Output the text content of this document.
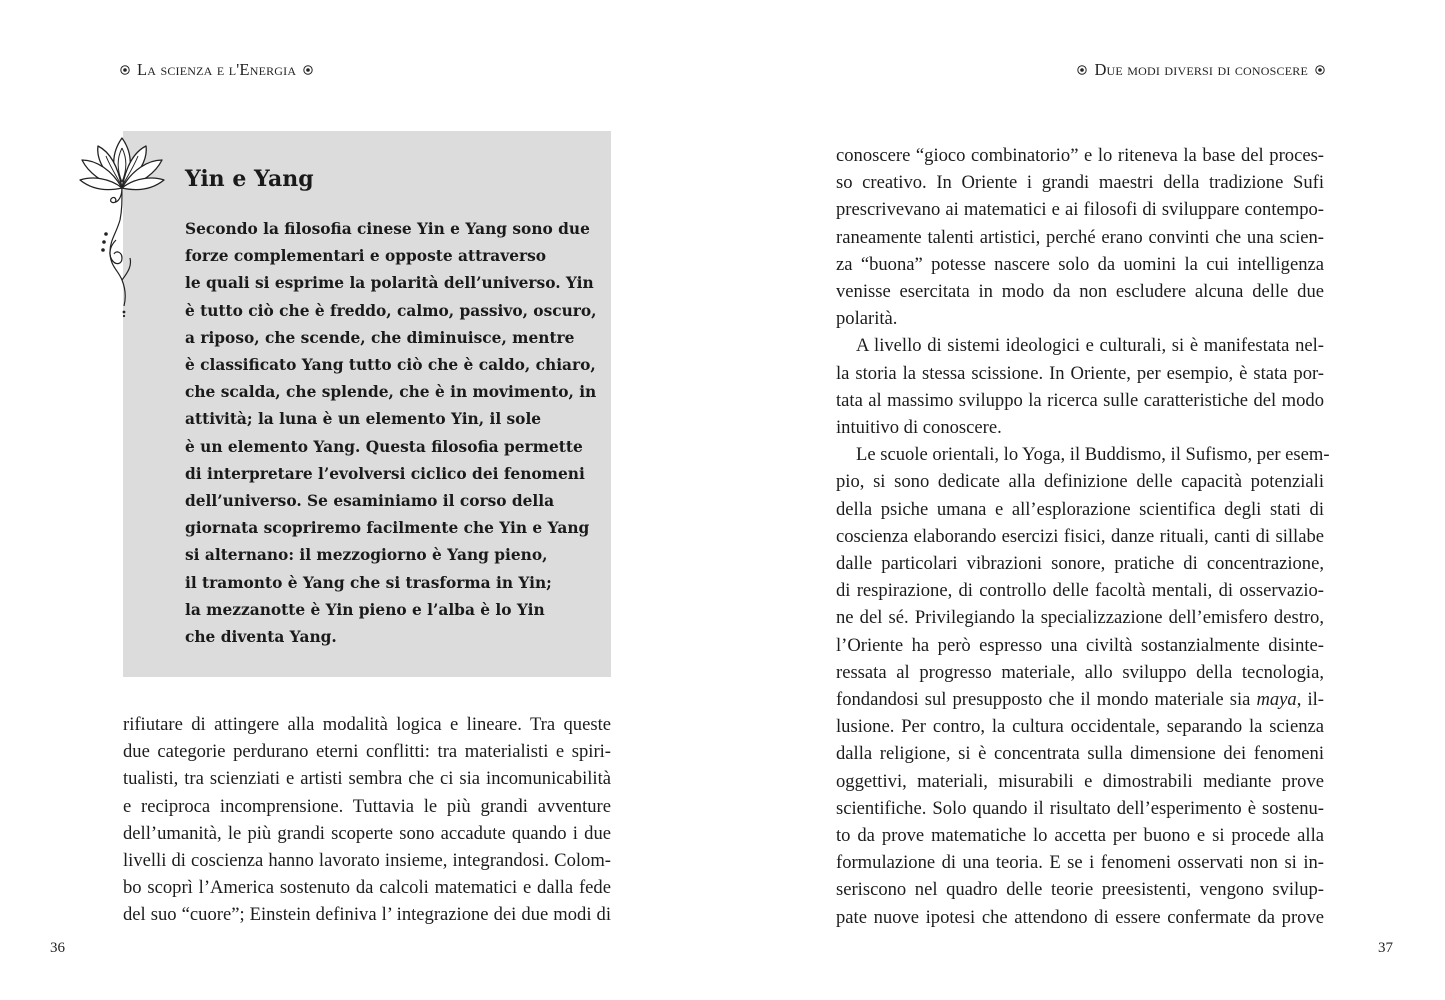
La scienza e l'Energia	Due modi diversi di conoscere
Yin e Yang

Secondo la filosofia cinese Yin e Yang sono due
forze complementari e opposte attraverso
le quali si esprime la polarità dell’universo. Yin
è tutto ciò che è freddo, calmo, passivo, oscuro,
a riposo, che scende, che diminuisce, mentre
è classificato Yang tutto ciò che è caldo, chiaro,
che scalda, che splende, che è in movimento, in
attività; la luna è un elemento Yin, il sole
è un elemento Yang. Questa filosofia permette
di interpretare l’evolversi ciclico dei fenomeni
dell’universo. Se esaminiamo il corso della
giornata scopriremo facilmente che Yin e Yang
si alternano: il mezzogiorno è Yang pieno,
il tramonto è Yang che si trasforma in Yin;
la mezzanotte è Yin pieno e l’alba è lo Yin
che diventa Yang.

rifiutare di attingere alla modalità logica e lineare. Tra queste
due categorie perdurano eterni conflitti: tra materialisti e spiri-
tualisti, tra scienziati e artisti sembra che ci sia incomunicabilità
e reciproca incomprensione. Tuttavia le più grandi avventure
dell’umanità, le più grandi scoperte sono accadute quando i due
livelli di coscienza hanno lavorato insieme, integrandosi. Colom-
bo scoprì l’America sostenuto da calcoli matematici e dalla fede
del suo “cuore”; Einstein definiva l’ integrazione dei due modi di

conoscere “gioco combinatorio” e lo riteneva la base del proces-
so creativo. In Oriente i grandi maestri della tradizione Sufi
prescrivevano ai matematici e ai filosofi di sviluppare contempo-
raneamente talenti artistici, perché erano convinti che una scien-
za “buona” potesse nascere solo da uomini la cui intelligenza
venisse esercitata in modo da non escludere alcuna delle due
polarità.
A livello di sistemi ideologici e culturali, si è manifestata nel-
la storia la stessa scissione. In Oriente, per esempio, è stata por-
tata al massimo sviluppo la ricerca sulle caratteristiche del modo
intuitivo di conoscere.
Le scuole orientali, lo Yoga, il Buddismo, il Sufismo, per esem-
pio, si sono dedicate alla definizione delle capacità potenziali
della psiche umana e all’esplorazione scientifica degli stati di
coscienza elaborando esercizi fisici, danze rituali, canti di sillabe
dalle particolari vibrazioni sonore, pratiche di concentrazione,
di respirazione, di controllo delle facoltà mentali, di osservazio-
ne del sé. Privilegiando la specializzazione dell’emisfero destro,
l’Oriente ha però espresso una civiltà sostanzialmente disinte-
ressata al progresso materiale, allo sviluppo della tecnologia,
fondandosi sul presupposto che il mondo materiale sia maya, il-
lusione. Per contro, la cultura occidentale, separando la scienza
dalla religione, si è concentrata sulla dimensione dei fenomeni
oggettivi, materiali, misurabili e dimostrabili mediante prove
scientifiche. Solo quando il risultato dell’esperimento è sostenu-
to da prove matematiche lo accetta per buono e si procede alla
formulazione di una teoria. E se i fenomeni osservati non si in-
seriscono nel quadro delle teorie preesistenti, vengono svilup-
pate nuove ipotesi che attendono di essere confermate da prove

36	37
